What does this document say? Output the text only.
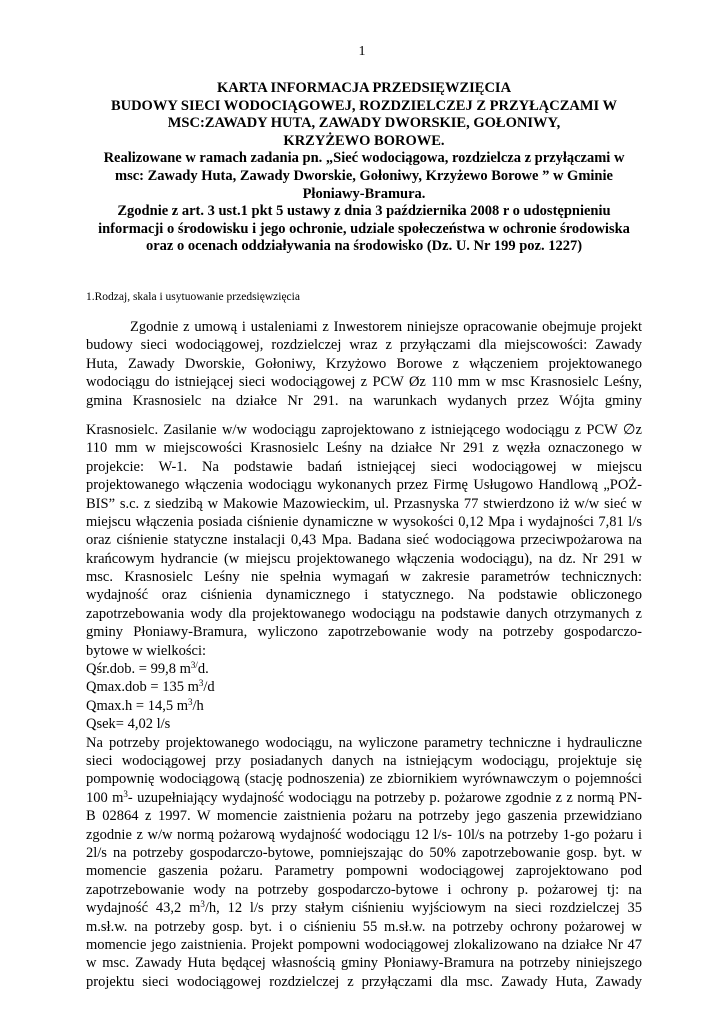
1
KARTA INFORMACJA PRZEDSIĘWZIĘCIA
BUDOWY SIECI WODOCIĄGOWEJ, ROZDZIELCZEJ Z PRZYŁĄCZAMI W
MSC:ZAWADY HUTA, ZAWADY DWORSKIE, GOŁONIWY,
KRZYŻEWO BOROWE.
Realizowane w ramach zadania pn. „Sieć wodociągowa, rozdzielcza z przyłączami w
msc: Zawady Huta, Zawady Dworskie, Gołoniwy, Krzyżewo Borowe ” w Gminie
Płoniawy-Bramura.
Zgodnie z art. 3 ust.1 pkt 5 ustawy z dnia 3 października 2008 r o udostępnieniu
informacji o środowisku i jego ochronie, udziale społeczeństwa w ochronie środowiska
oraz o ocenach oddziaływania na środowisko (Dz. U. Nr 199 poz. 1227)
1.Rodzaj, skala i usytuowanie przedsięwzięcia
Zgodnie z umową i ustaleniami z Inwestorem niniejsze opracowanie obejmuje projekt
budowy sieci wodociągowej, rozdzielczej wraz z przyłączami dla miejscowości: Zawady
Huta, Zawady Dworskie, Gołoniwy, Krzyżowo Borowe z włączeniem projektowanego
wodociągu do istniejącej sieci wodociągowej z PCW Øz 110 mm w msc Krasnosielc Leśny,
gmina Krasnosielc na działce Nr 291. na warunkach wydanych przez Wójta gminy
Krasnosielc. Zasilanie w/w wodociągu zaprojektowano z istniejącego wodociągu z PCW ∅z
110 mm w miejscowości Krasnosielc Leśny na działce Nr 291 z węzła oznaczonego w
projekcie: W-1. Na podstawie badań istniejącej sieci wodociągowej w miejscu
projektowanego włączenia wodociągu wykonanych przez Firmę Usługowo Handlową „POŻ-
BIS” s.c. z siedzibą w Makowie Mazowieckim, ul. Przasnyska 77 stwierdzono iż w/w sieć w
miejscu włączenia posiada ciśnienie dynamiczne w wysokości 0,12 Mpa i wydajności 7,81 l/s
oraz ciśnienie statyczne instalacji 0,43 Mpa. Badana sieć wodociągowa przeciwpożarowa na
krańcowym hydrancie (w miejscu projektowanego włączenia wodociągu), na dz. Nr 291 w
msc. Krasnosielc Leśny nie spełnia wymagań w zakresie parametrów technicznych:
wydajność oraz ciśnienia dynamicznego i statycznego. Na podstawie obliczonego
zapotrzebowania wody dla projektowanego wodociągu na podstawie danych otrzymanych z
gminy Płoniawy-Bramura, wyliczono zapotrzebowanie wody na potrzeby gospodarczo-
bytowe w wielkości:
Qśr.dob. = 99,8 $m^{3/}d$.
Qmax.dob = 135 $m^3/d$
Qmax.h = 14,5 $m^3/h$
Qsek= 4,02 l/s
Na potrzeby projektowanego wodociągu, na wyliczone parametry techniczne i hydrauliczne
sieci wodociągowej przy posiadanych danych na istniejącym wodociągu, projektuje się
pompownię wodociągową (stację podnoszenia) ze zbiornikiem wyrównawczym o pojemności
100 $m^3-$ uzupełniający wydajność wodociągu na potrzeby p. pożarowe zgodnie z z normą PN-
B 02864 z 1997. W momencie zaistnienia pożaru na potrzeby jego gaszenia przewidziano
zgodnie z w/w normą pożarową wydajność wodociągu 12 l/s- 10l/s na potrzeby 1-go pożaru i
2l/s na potrzeby gospodarczo-bytowe, pomniejszając do 50% zapotrzebowanie gosp. byt. w
momencie gaszenia pożaru. Parametry pompowni wodociągowej zaprojektowano pod
zapotrzebowanie wody na potrzeby gospodarczo-bytowe i ochrony p. pożarowej tj: na
wydajność 43,2 $m^3/h$, 12 l/s przy stałym ciśnieniu wyjściowym na sieci rozdzielczej 35
m.sł.w. na potrzeby gosp. byt. i o ciśnieniu 55 m.sł.w. na potrzeby ochrony pożarowej w
momencie jego zaistnienia. Projekt pompowni wodociągowej zlokalizowano na działce Nr 47
w msc. Zawady Huta będącej własnością gminy Płoniawy-Bramura na potrzeby niniejszego
projektu sieci wodociągowej rozdzielczej z przyłączami dla msc. Zawady Huta, Zawady
